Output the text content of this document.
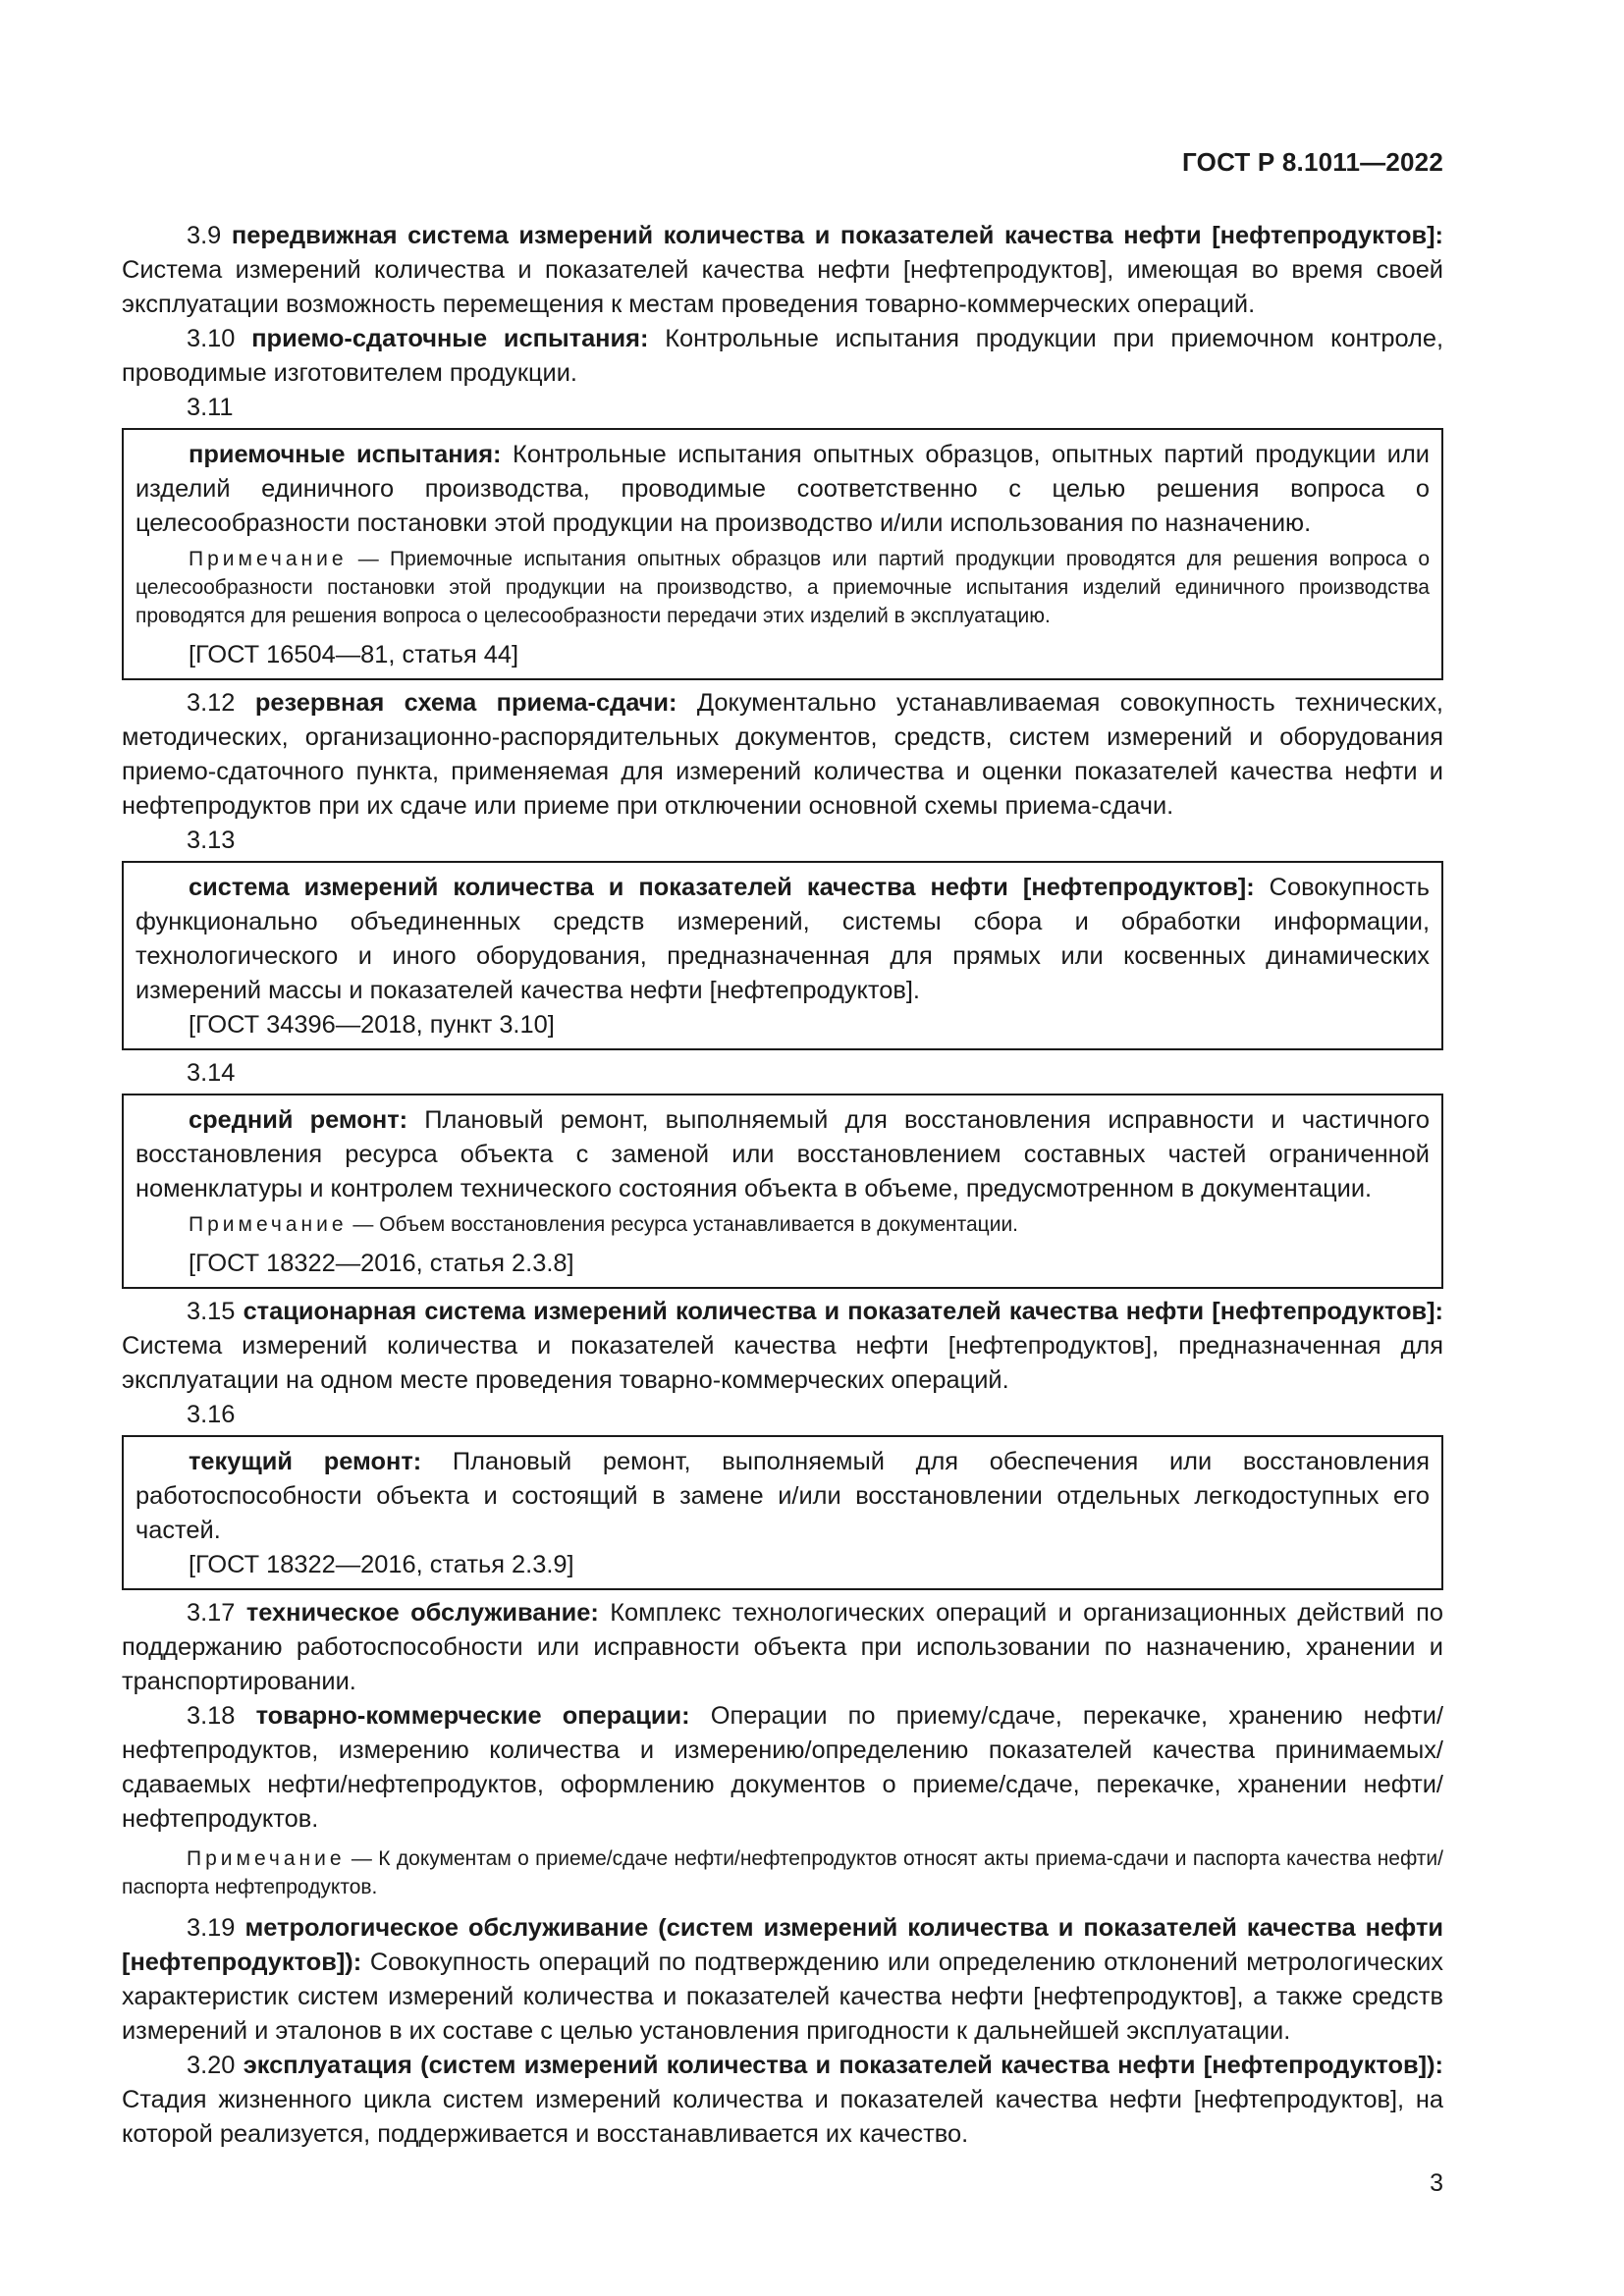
ГОСТ Р 8.1011—2022

3.9 передвижная система измерений количества и показателей качества нефти [нефтепродуктов]: Система измерений количества и показателей качества нефти [нефтепродуктов], имеющая во время своей эксплуатации возможность перемещения к местам проведения товарно-коммерческих операций.

3.10 приемо-сдаточные испытания: Контрольные испытания продукции при приемочном контроле, проводимые изготовителем продукции.

3.11

приемочные испытания: Контрольные испытания опытных образцов, опытных партий продукции или изделий единичного производства, проводимые соответственно с целью решения вопроса о целесообразности постановки этой продукции на производство и/или использования по назначению.

Примечание — Приемочные испытания опытных образцов или партий продукции проводятся для решения вопроса о целесообразности постановки этой продукции на производство, а приемочные испытания изделий единичного производства проводятся для решения вопроса о целесообразности передачи этих изделий в эксплуатацию.

[ГОСТ 16504—81, статья 44]

3.12 резервная схема приема-сдачи: Документально устанавливаемая совокупность технических, методических, организационно-распорядительных документов, средств, систем измерений и оборудования приемо-сдаточного пункта, применяемая для измерений количества и оценки показателей качества нефти и нефтепродуктов при их сдаче или приеме при отключении основной схемы приема-сдачи.

3.13

система измерений количества и показателей качества нефти [нефтепродуктов]: Совокупность функционально объединенных средств измерений, системы сбора и обработки информации, технологического и иного оборудования, предназначенная для прямых или косвенных динамических измерений массы и показателей качества нефти [нефтепродуктов].

[ГОСТ 34396—2018, пункт 3.10]

3.14

средний ремонт: Плановый ремонт, выполняемый для восстановления исправности и частичного восстановления ресурса объекта с заменой или восстановлением составных частей ограниченной номенклатуры и контролем технического состояния объекта в объеме, предусмотренном в документации.

Примечание — Объем восстановления ресурса устанавливается в документации.

[ГОСТ 18322—2016, статья 2.3.8]

3.15 стационарная система измерений количества и показателей качества нефти [нефтепродуктов]: Система измерений количества и показателей качества нефти [нефтепродуктов], предназначенная для эксплуатации на одном месте проведения товарно-коммерческих операций.

3.16

текущий ремонт: Плановый ремонт, выполняемый для обеспечения или восстановления работоспособности объекта и состоящий в замене и/или восстановлении отдельных легкодоступных его частей.

[ГОСТ 18322—2016, статья 2.3.9]

3.17 техническое обслуживание: Комплекс технологических операций и организационных действий по поддержанию работоспособности или исправности объекта при использовании по назначению, хранении и транспортировании.

3.18 товарно-коммерческие операции: Операции по приему/сдаче, перекачке, хранению нефти/нефтепродуктов, измерению количества и измерению/определению показателей качества принимаемых/сдаваемых нефти/нефтепродуктов, оформлению документов о приеме/сдаче, перекачке, хранении нефти/нефтепродуктов.

Примечание — К документам о приеме/сдаче нефти/нефтепродуктов относят акты приема-сдачи и паспорта качества нефти/паспорта нефтепродуктов.

3.19 метрологическое обслуживание (систем измерений количества и показателей качества нефти [нефтепродуктов]): Совокупность операций по подтверждению или определению отклонений метрологических характеристик систем измерений количества и показателей качества нефти [нефтепродуктов], а также средств измерений и эталонов в их составе с целью установления пригодности к дальнейшей эксплуатации.

3.20 эксплуатация (систем измерений количества и показателей качества нефти [нефтепродуктов]): Стадия жизненного цикла систем измерений количества и показателей качества нефти [нефтепродуктов], на которой реализуется, поддерживается и восстанавливается их качество.

3
